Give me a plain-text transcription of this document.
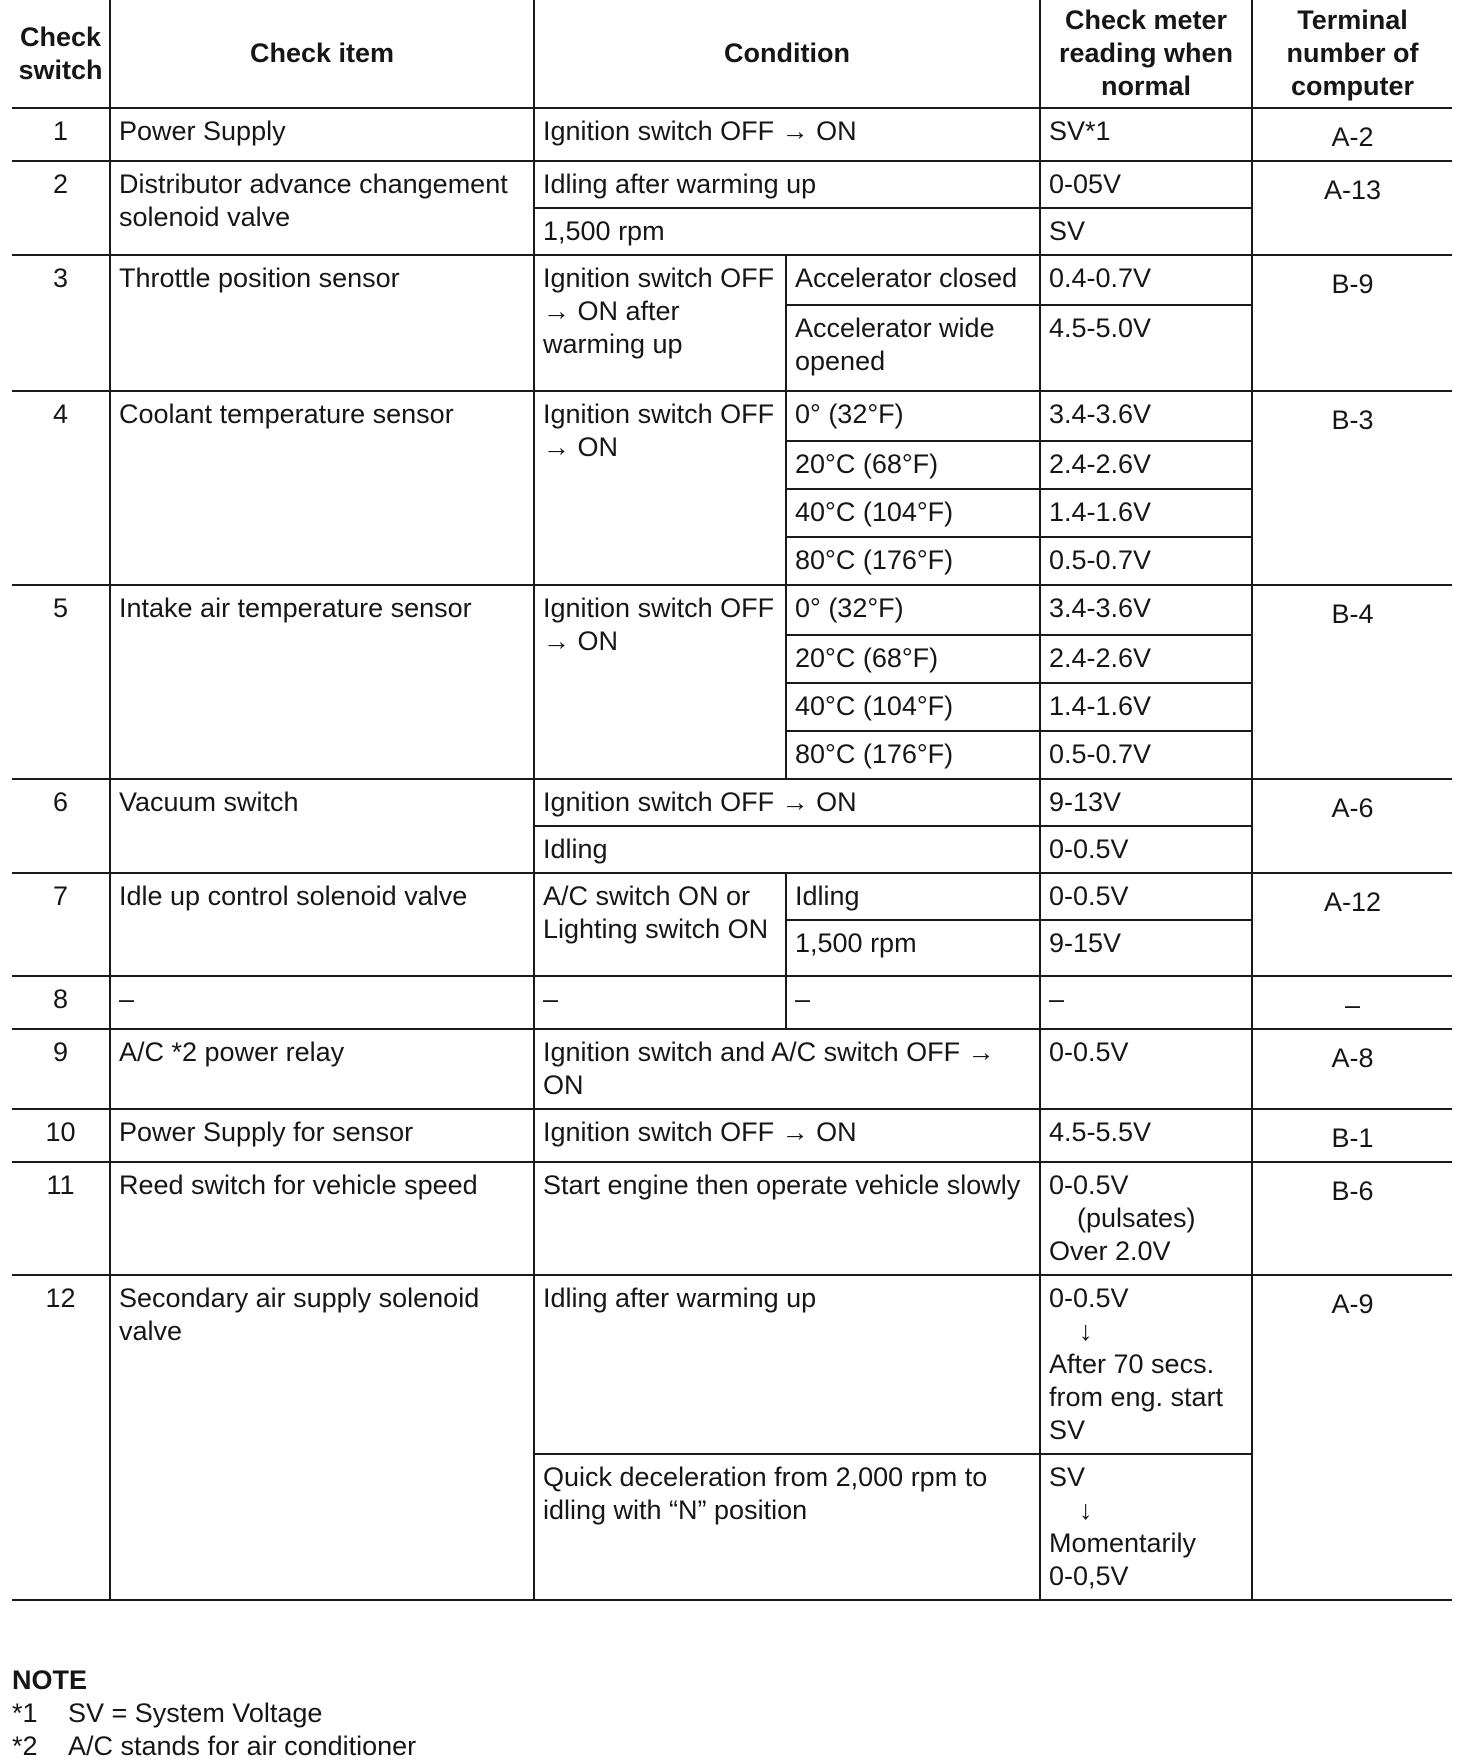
Check switch	Check item	Condition		Check meter reading when normal	Terminal number of computer
1	Power Supply	Ignition switch OFF → ON		SV*1	A-2
2	Distributor advance changement solenoid valve	Idling after warming up		0-05V	A-13
		1,500 rpm		SV	
3	Throttle position sensor	Ignition switch OFF → ON after warming up	Accelerator closed	0.4-0.7V	B-9
			Accelerator wide opened	4.5-5.0V	
4	Coolant temperature sensor	Ignition switch OFF → ON	0° (32°F)	3.4-3.6V	B-3
			20°C (68°F)	2.4-2.6V	
			40°C (104°F)	1.4-1.6V	
			80°C (176°F)	0.5-0.7V	
5	Intake air temperature sensor	Ignition switch OFF → ON	0° (32°F)	3.4-3.6V	B-4
			20°C (68°F)	2.4-2.6V	
			40°C (104°F)	1.4-1.6V	
			80°C (176°F)	0.5-0.7V	
6	Vacuum switch	Ignition switch OFF → ON		9-13V	A-6
		Idling		0-0.5V	
7	Idle up control solenoid valve	A/C switch ON or Lighting switch ON	Idling	0-0.5V	A-12
			1,500 rpm	9-15V	
8	–	–	–	–	–
9	A/C *2 power relay	Ignition switch and A/C switch OFF → ON		0-0.5V	A-8
10	Power Supply for sensor	Ignition switch OFF → ON		4.5-5.5V	B-1
11	Reed switch for vehicle speed	Start engine then operate vehicle slowly		0-0.5V
(pulsates)
Over 2.0V	B-6
12	Secondary air supply solenoid valve	Idling after warming up		0-0.5V
↓
After 70 secs.
from eng. start
SV	A-9
		Quick deceleration from 2,000 rpm to idling with “N” position		SV
↓
Momentarily
0-0,5V	
NOTE
*1	SV = System Voltage
*2	A/C stands for air conditioner
